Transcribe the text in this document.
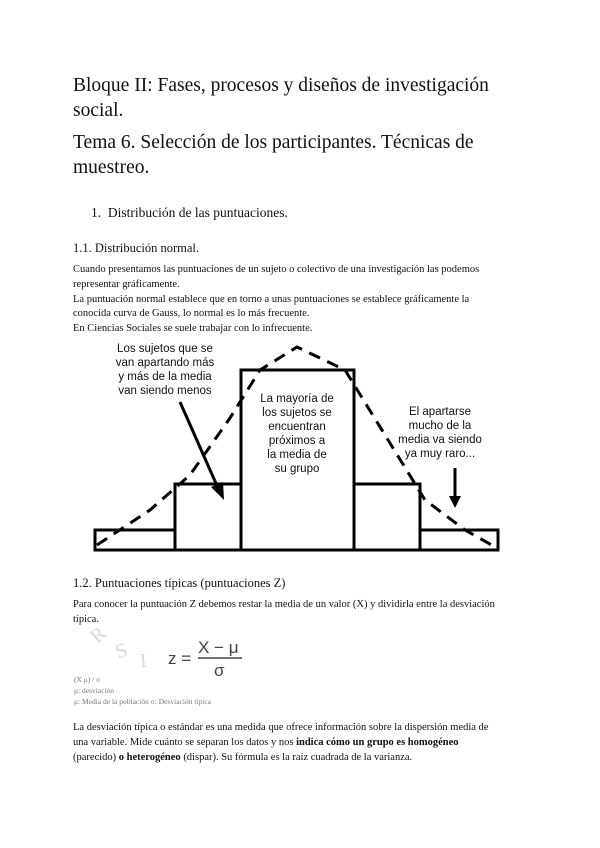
Bloque II: Fases, procesos y diseños de investigación
social.
Tema 6. Selección de los participantes. Técnicas de
muestreo.
1. Distribución de las puntuaciones.
1.1. Distribución normal.

Cuando presentamos las puntuaciones de un sujeto o colectivo de una investigación las podemos
representar gráficamente.
La puntuación normal establece que en torno a unas puntuaciones se establece gráficamente la
conocida curva de Gauss, lo normal es lo más frecuente.
En Ciencias Sociales se suele trabajar con lo infrecuente.

Los sujetos que se
van apartando más
y más de la media
van siendo menos
La mayoría de
los sujetos se
encuentran
próximos a
la media de
su grupo
El apartarse
mucho de la
media va siendo
ya muy raro...
1.2. Puntuaciones típicas (puntuaciones Z)

Para conocer la puntuación Z debemos restar la media de un valor (X) y dividirla entre la desviación
típica.

R
S I z =
X − μ
σ
(X μ) / σ
μ: desviación
μ: Media de la población σ: Desviación típica

La desviación típica o estándar es una medida que ofrece información sobre la dispersión media de
una variable. Mide cuánto se separan los datos y nos indica cómo un grupo es homogéneo
(parecido) o heterogéneo (dispar). Su fórmula es la raíz cuadrada de la varianza.
